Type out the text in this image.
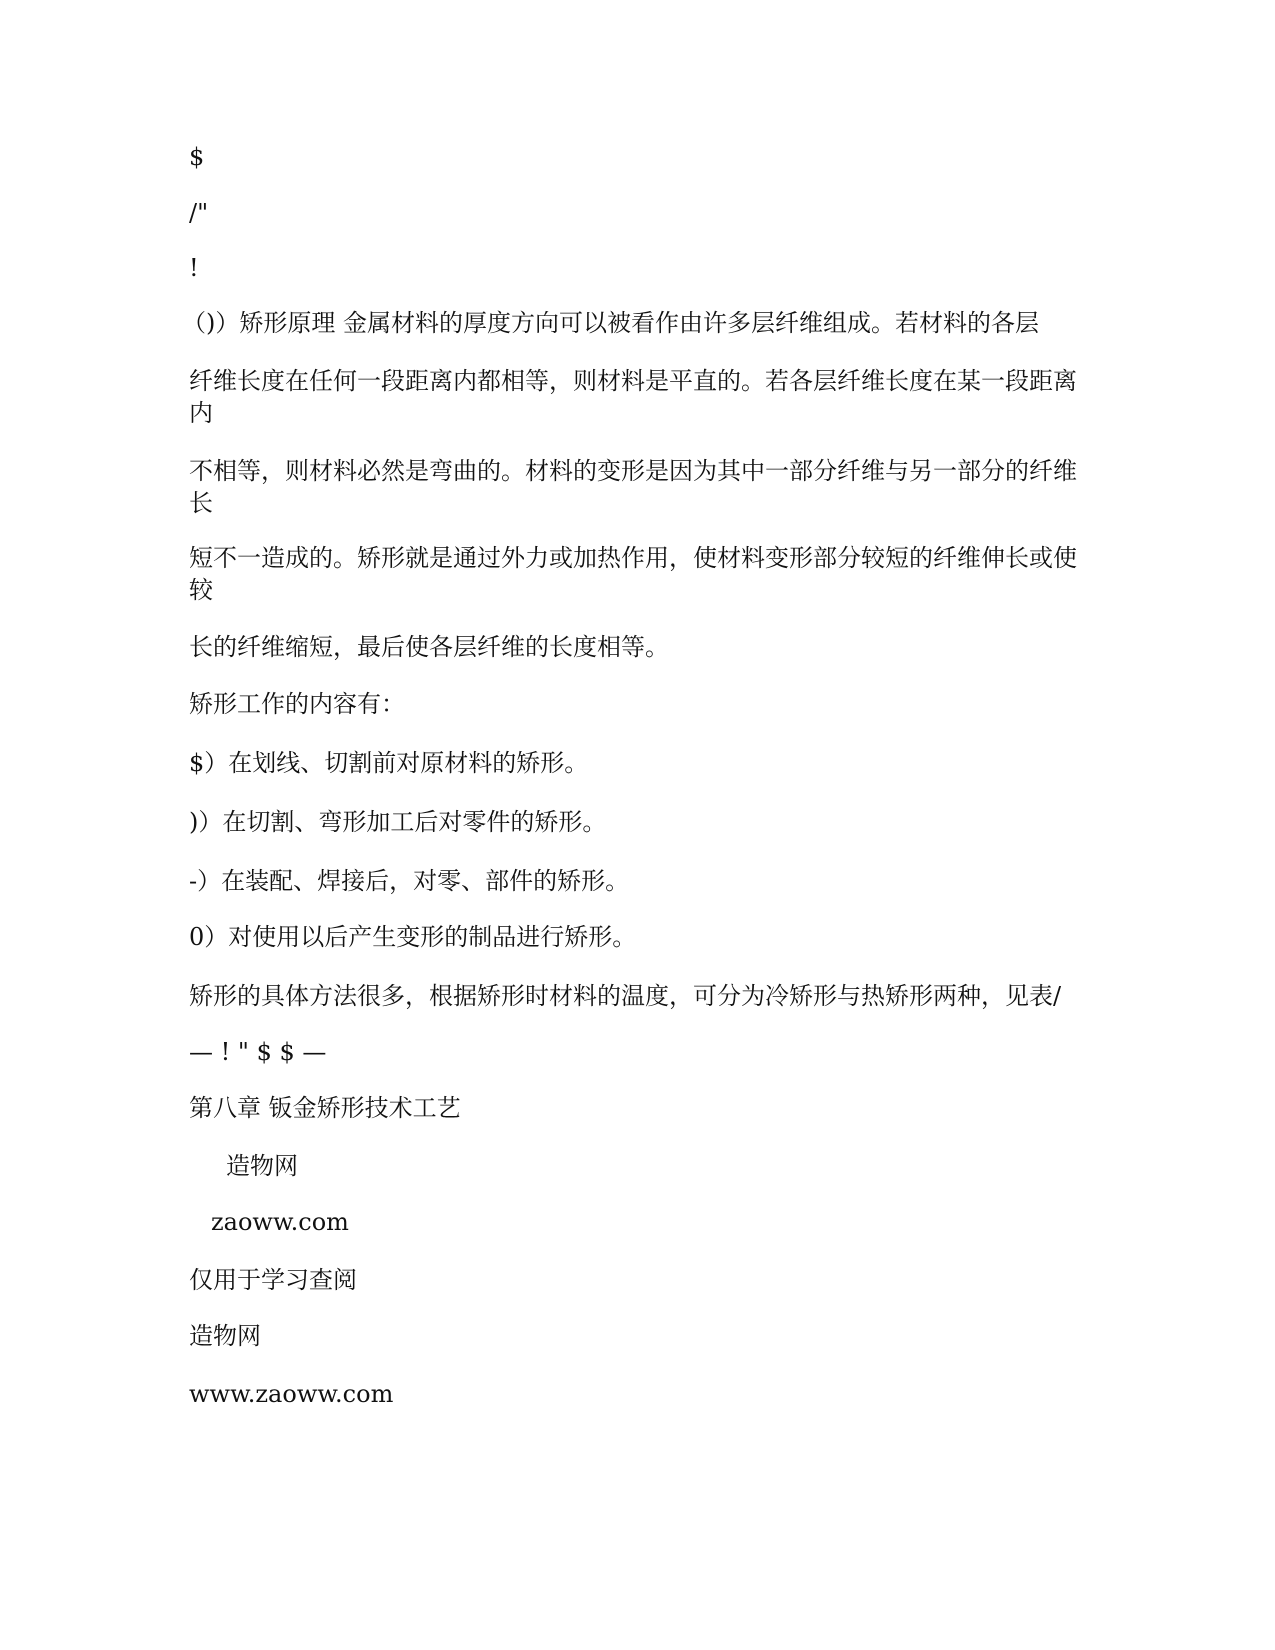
$
/"
!
（)）矫形原理 金属材料的厚度方向可以被看作由许多层纤维组成。若材料的各层
纤维长度在任何一段距离内都相等，则材料是平直的。若各层纤维长度在某一段距离内
不相等，则材料必然是弯曲的。材料的变形是因为其中一部分纤维与另一部分的纤维长
短不一造成的。矫形就是通过外力或加热作用，使材料变形部分较短的纤维伸长或使较
长的纤维缩短，最后使各层纤维的长度相等。
矫形工作的内容有：
$）在划线、切割前对原材料的矫形。
)）在切割、弯形加工后对零件的矫形。
-）在装配、焊接后，对零、部件的矫形。
0）对使用以后产生变形的制品进行矫形。
矫形的具体方法很多，根据矫形时材料的温度，可分为冷矫形与热矫形两种，见表/
— ! " $ $ —
第八章 钣金矫形技术工艺
造物网
zaoww.com
仅用于学习查阅
造物网
www.zaoww.com
